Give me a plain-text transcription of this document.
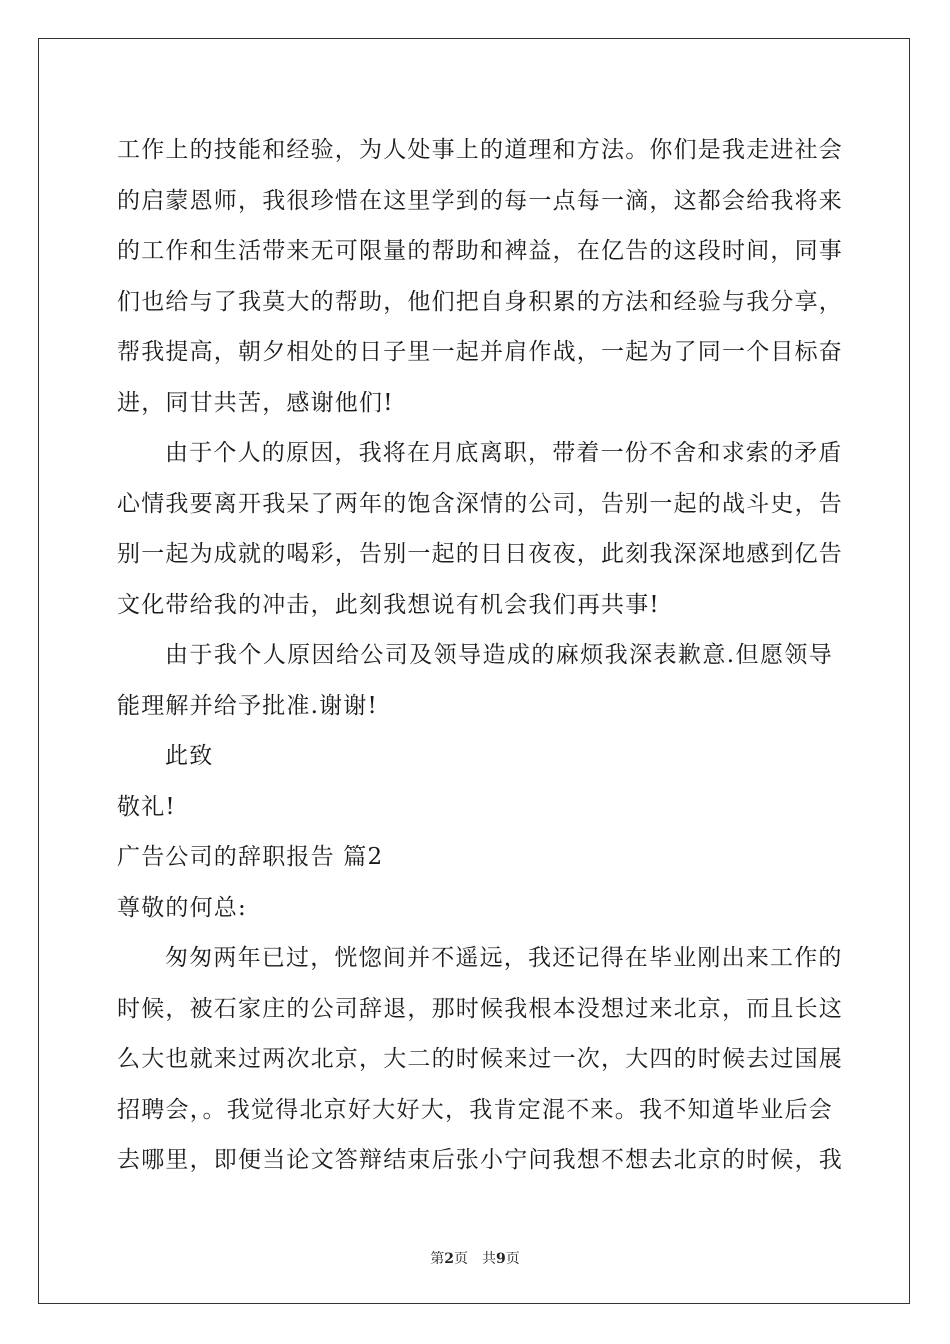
工作上的技能和经验，为人处事上的道理和方法。你们是我走进社会
的启蒙恩师，我很珍惜在这里学到的每一点每一滴，这都会给我将来
的工作和生活带来无可限量的帮助和裨益，在亿告的这段时间，同事
们也给与了我莫大的帮助，他们把自身积累的方法和经验与我分享，
帮我提高，朝夕相处的日子里一起并肩作战，一起为了同一个目标奋
进，同甘共苦，感谢他们!
由于个人的原因，我将在月底离职，带着一份不舍和求索的矛盾
心情我要离开我呆了两年的饱含深情的公司，告别一起的战斗史，告
别一起为成就的喝彩，告别一起的日日夜夜，此刻我深深地感到亿告
文化带给我的冲击，此刻我想说有机会我们再共事!
由于我个人原因给公司及领导造成的麻烦我深表歉意.但愿领导
能理解并给予批准.谢谢!
此致
敬礼!
广告公司的辞职报告 篇2
尊敬的何总:
匆匆两年已过，恍惚间并不遥远，我还记得在毕业刚出来工作的
时候，被石家庄的公司辞退，那时候我根本没想过来北京，而且长这
么大也就来过两次北京，大二的时候来过一次，大四的时候去过国展
招聘会，。我觉得北京好大好大，我肯定混不来。我不知道毕业后会
去哪里，即便当论文答辩结束后张小宁问我想不想去北京的时候，我
第2页 共9页
